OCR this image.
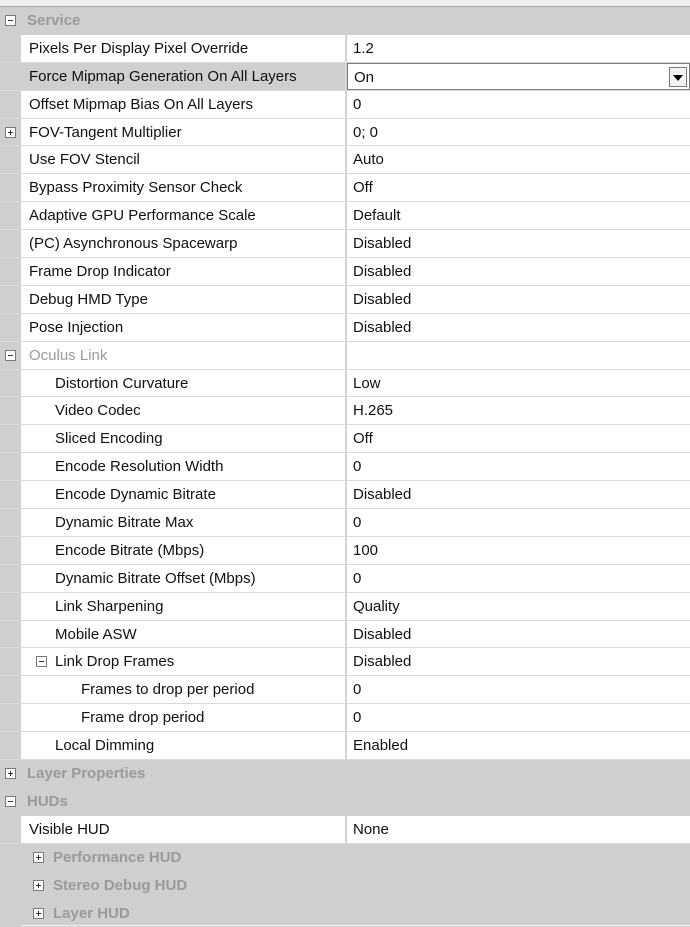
Service
Pixels Per Display Pixel Override	1.2
Force Mipmap Generation On All Layers	On
Offset Mipmap Bias On All Layers	0
FOV-Tangent Multiplier	0; 0
Use FOV Stencil	Auto
Bypass Proximity Sensor Check	Off
Adaptive GPU Performance Scale	Default
(PC) Asynchronous Spacewarp	Disabled
Frame Drop Indicator	Disabled
Debug HMD Type	Disabled
Pose Injection	Disabled
Oculus Link
Distortion Curvature	Low
Video Codec	H.265
Sliced Encoding	Off
Encode Resolution Width	0
Encode Dynamic Bitrate	Disabled
Dynamic Bitrate Max	0
Encode Bitrate (Mbps)	100
Dynamic Bitrate Offset (Mbps)	0
Link Sharpening	Quality
Mobile ASW	Disabled
Link Drop Frames	Disabled
Frames to drop per period	0
Frame drop period	0
Local Dimming	Enabled
Layer Properties
HUDs
Visible HUD	None
Performance HUD
Stereo Debug HUD
Layer HUD
